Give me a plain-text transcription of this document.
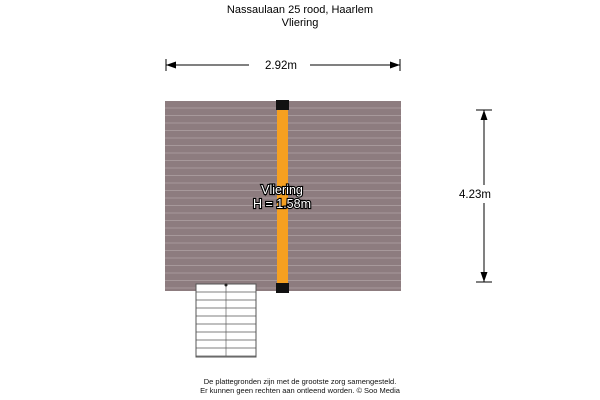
Nassaulaan 25 rood, Haarlem
Vliering
2.92m
4.23m
Vliering
H = 1.58m
De plattegronden zijn met de grootste zorg samengesteld.
Er kunnen geen rechten aan ontleend worden. © Soo Media
